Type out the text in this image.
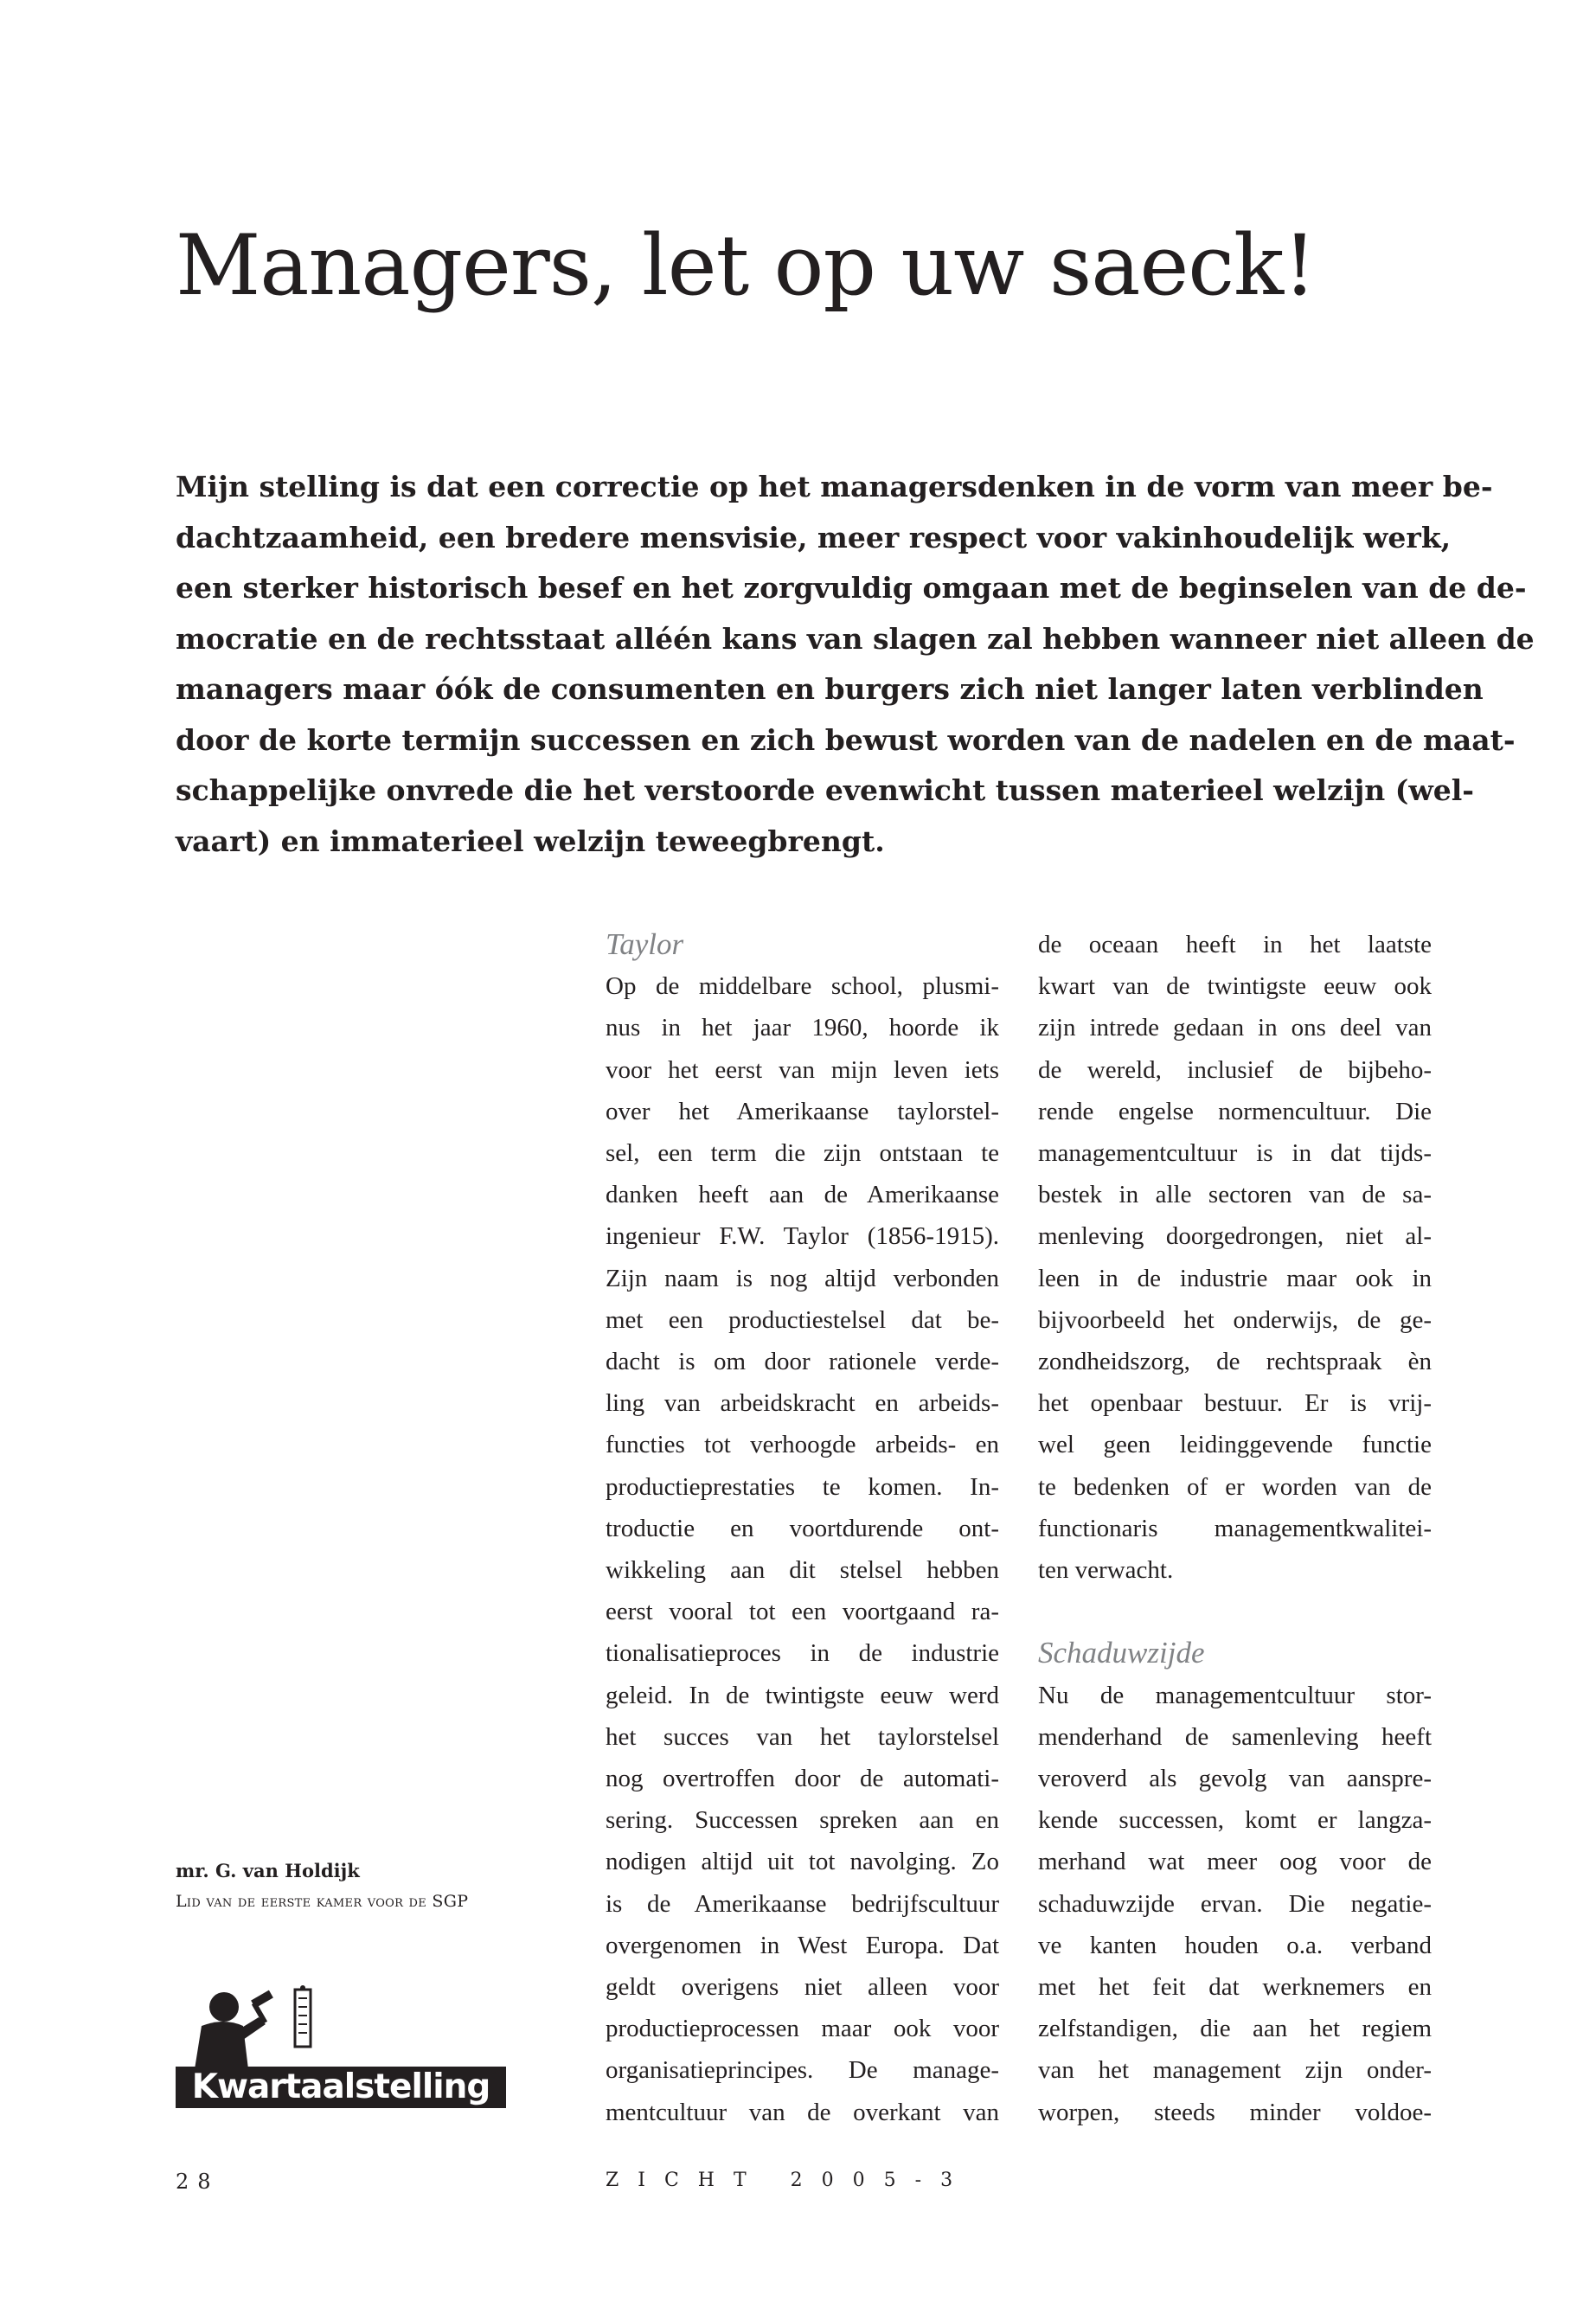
Managers, let op uw saeck!
Mijn stelling is dat een correctie op het managersdenken in de vorm van meer be-
dachtzaamheid, een bredere mensvisie, meer respect voor vakinhoudelijk werk,
een sterker historisch besef en het zorgvuldig omgaan met de beginselen van de de-
mocratie en de rechtsstaat alléén kans van slagen zal hebben wanneer niet alleen de
managers maar óók de consumenten en burgers zich niet langer laten verblinden
door de korte termijn successen en zich bewust worden van de nadelen en de maat-
schappelijke onvrede die het verstoorde evenwicht tussen materieel welzijn (wel-
vaart) en immaterieel welzijn teweegbrengt.
Taylor
Op de middelbare school, plusmi-
nus in het jaar 1960, hoorde ik
voor het eerst van mijn leven iets
over het Amerikaanse taylorstel-
sel, een term die zijn ontstaan te
danken heeft aan de Amerikaanse
ingenieur F.W. Taylor (1856-1915).
Zijn naam is nog altijd verbonden
met een productiestelsel dat be-
dacht is om door rationele verde-
ling van arbeidskracht en arbeids-
functies tot verhoogde arbeids- en
productieprestaties te komen. In-
troductie en voortdurende ont-
wikkeling aan dit stelsel hebben
eerst vooral tot een voortgaand ra-
tionalisatieproces in de industrie
geleid. In de twintigste eeuw werd
het succes van het taylorstelsel
nog overtroffen door de automati-
sering. Successen spreken aan en
nodigen altijd uit tot navolging. Zo
is de Amerikaanse bedrijfscultuur
overgenomen in West Europa. Dat
geldt overigens niet alleen voor
productieprocessen maar ook voor
organisatieprincipes. De manage-
mentcultuur van de overkant van
de oceaan heeft in het laatste
kwart van de twintigste eeuw ook
zijn intrede gedaan in ons deel van
de wereld, inclusief de bijbeho-
rende engelse normencultuur. Die
managementcultuur is in dat tijds-
bestek in alle sectoren van de sa-
menleving doorgedrongen, niet al-
leen in de industrie maar ook in
bijvoorbeeld het onderwijs, de ge-
zondheidszorg, de rechtspraak èn
het openbaar bestuur. Er is vrij-
wel geen leidinggevende functie
te bedenken of er worden van de
functionaris managementkwalitei-
ten verwacht.
Schaduwzijde
Nu de managementcultuur stor-
menderhand de samenleving heeft
veroverd als gevolg van aanspre-
kende successen, komt er langza-
merhand wat meer oog voor de
schaduwzijde ervan. Die negatie-
ve kanten houden o.a. verband
met het feit dat werknemers en
zelfstandigen, die aan het regiem
van het management zijn onder-
worpen, steeds minder voldoe-

mr. G. van Holdijk

Lid van de eerste kamer voor de SGP

Kwartaalstelling

28	ZICHT 2005-3
